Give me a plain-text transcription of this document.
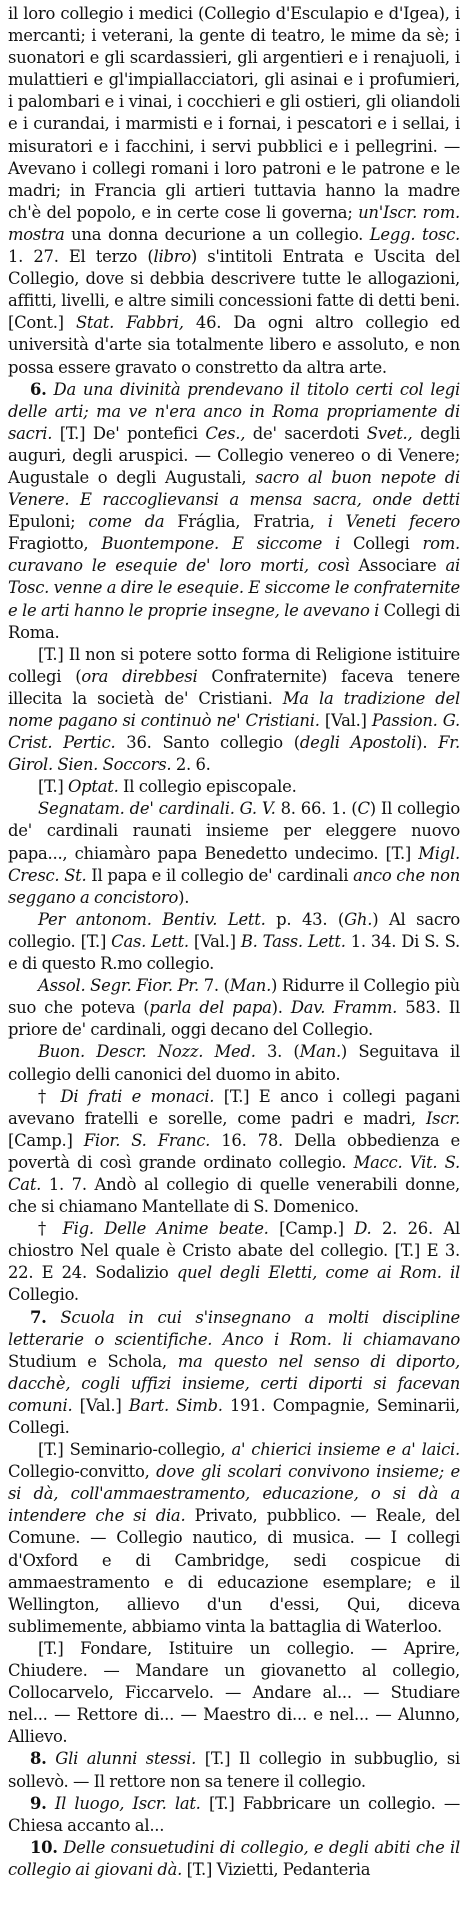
il loro collegio i medici (Collegio d'Esculapio e d'Igea), i mercanti; i veterani, la gente di teatro, le mime da sè; i suonatori e gli scardassieri, gli argentieri e i renajuoli, i mulattieri e gl'impiallacciatori, gli asinai e i profumieri, i palombari e i vinai, i cocchieri e gli ostieri, gli oliandoli e i curandai, i marmisti e i fornai, i pescatori e i sellai, i misuratori e i facchini, i servi pubblici e i pellegrini. — Avevano i collegi romani i loro patroni e le patrone e le madri; in Francia gli artieri tuttavia hanno la madre ch'è del popolo, e in certe cose li governa; un'Iscr. rom. mostra una donna decurione a un collegio. Legg. tosc. 1. 27. El terzo (libro) s'intitoli Entrata e Uscita del Collegio, dove si debbia descrivere tutte le allogazioni, affitti, livelli, e altre simili concessioni fatte di detti beni. [Cont.] Stat. Fabbri, 46. Da ogni altro collegio ed università d'arte sia totalmente libero e assoluto, e non possa essere gravato o constretto da altra arte.

6. Da una divinità prendevano il titolo certi col legi delle arti; ma ve n'era anco in Roma propriamente di sacri. [T.] De' pontefici Ces., de' sacerdoti Svet., degli auguri, degli aruspici. — Collegio venereo o di Venere; Augustale o degli Augustali, sacro al buon nepote di Venere. E raccoglievansi a mensa sacra, onde detti Epuloni; come da Fráglia, Fratria, i Veneti fecero Fragiotto, Buontempone. E siccome i Collegi rom. curavano le esequie de' loro morti, così Associare ai Tosc. venne a dire le esequie. E siccome le confraternite e le arti hanno le proprie insegne, le avevano i Collegi di Roma.

[T.] Il non si potere sotto forma di Religione istituire collegi (ora direbbesi Confraternite) faceva tenere illecita la società de' Cristiani. Ma la tradizione del nome pagano si continuò ne' Cristiani. [Val.] Passion. G. Crist. Pertic. 36. Santo collegio (degli Apostoli). Fr. Girol. Sien. Soccors. 2. 6.

[T.] Optat. Il collegio episcopale.

Segnatam. de' cardinali. G. V. 8. 66. 1. (C) Il collegio de' cardinali raunati insieme per eleggere nuovo papa..., chiamàro papa Benedetto undecimo. [T.] Migl. Cresc. St. Il papa e il collegio de' cardinali anco che non seggano a concistoro).

Per antonom. Bentiv. Lett. p. 43. (Gh.) Al sacro collegio. [T.] Cas. Lett. [Val.] B. Tass. Lett. 1. 34. Di S. S. e di questo R.mo collegio.

Assol. Segr. Fior. Pr. 7. (Man.) Ridurre il Collegio più suo che poteva (parla del papa). Dav. Framm. 583. Il priore de' cardinali, oggi decano del Collegio.

Buon. Descr. Nozz. Med. 3. (Man.) Seguitava il collegio delli canonici del duomo in abito.

† Di frati e monaci. [T.] E anco i collegi pagani avevano fratelli e sorelle, come padri e madri, Iscr. [Camp.] Fior. S. Franc. 16. 78. Della obbedienza e povertà di così grande ordinato collegio. Macc. Vit. S. Cat. 1. 7. Andò al collegio di quelle venerabili donne, che si chiamano Mantellate di S. Domenico.

† Fig. Delle Anime beate. [Camp.] D. 2. 26. Al chiostro Nel quale è Cristo abate del collegio. [T.] E 3. 22. E 24. Sodalizio quel degli Eletti, come ai Rom. il Collegio.

7. Scuola in cui s'insegnano a molti discipline letterarie o scientifiche. Anco i Rom. li chiamavano Studium e Schola, ma questo nel senso di diporto, dacchè, cogli uffizi insieme, certi diporti si facevan comuni. [Val.] Bart. Simb. 191. Compagnie, Seminarii, Collegi.

[T.] Seminario-collegio, a' chierici insieme e a' laici. Collegio-convitto, dove gli scolari convivono insieme; e si dà, coll'ammaestramento, educazione, o si dà a intendere che si dia. Privato, pubblico. — Reale, del Comune. — Collegio nautico, di musica. — I collegi d'Oxford e di Cambridge, sedi cospicue di ammaestramento e di educazione esemplare; e il Wellington, allievo d'un d'essi, Qui, diceva sublimemente, abbiamo vinta la battaglia di Waterloo.

[T.] Fondare, Istituire un collegio. — Aprire, Chiudere. — Mandare un giovanetto al collegio, Collocarvelo, Ficcarvelo. — Andare al... — Studiare nel... — Rettore di... — Maestro di... e nel... — Alunno, Allievo.

8. Gli alunni stessi. [T.] Il collegio in subbuglio, si sollevò. — Il rettore non sa tenere il collegio.

9. Il luogo, Iscr. lat. [T.] Fabbricare un collegio. — Chiesa accanto al...

10. Delle consuetudini di collegio, e degli abiti che il collegio ai giovani dà. [T.] Vizietti, Pedanteria
